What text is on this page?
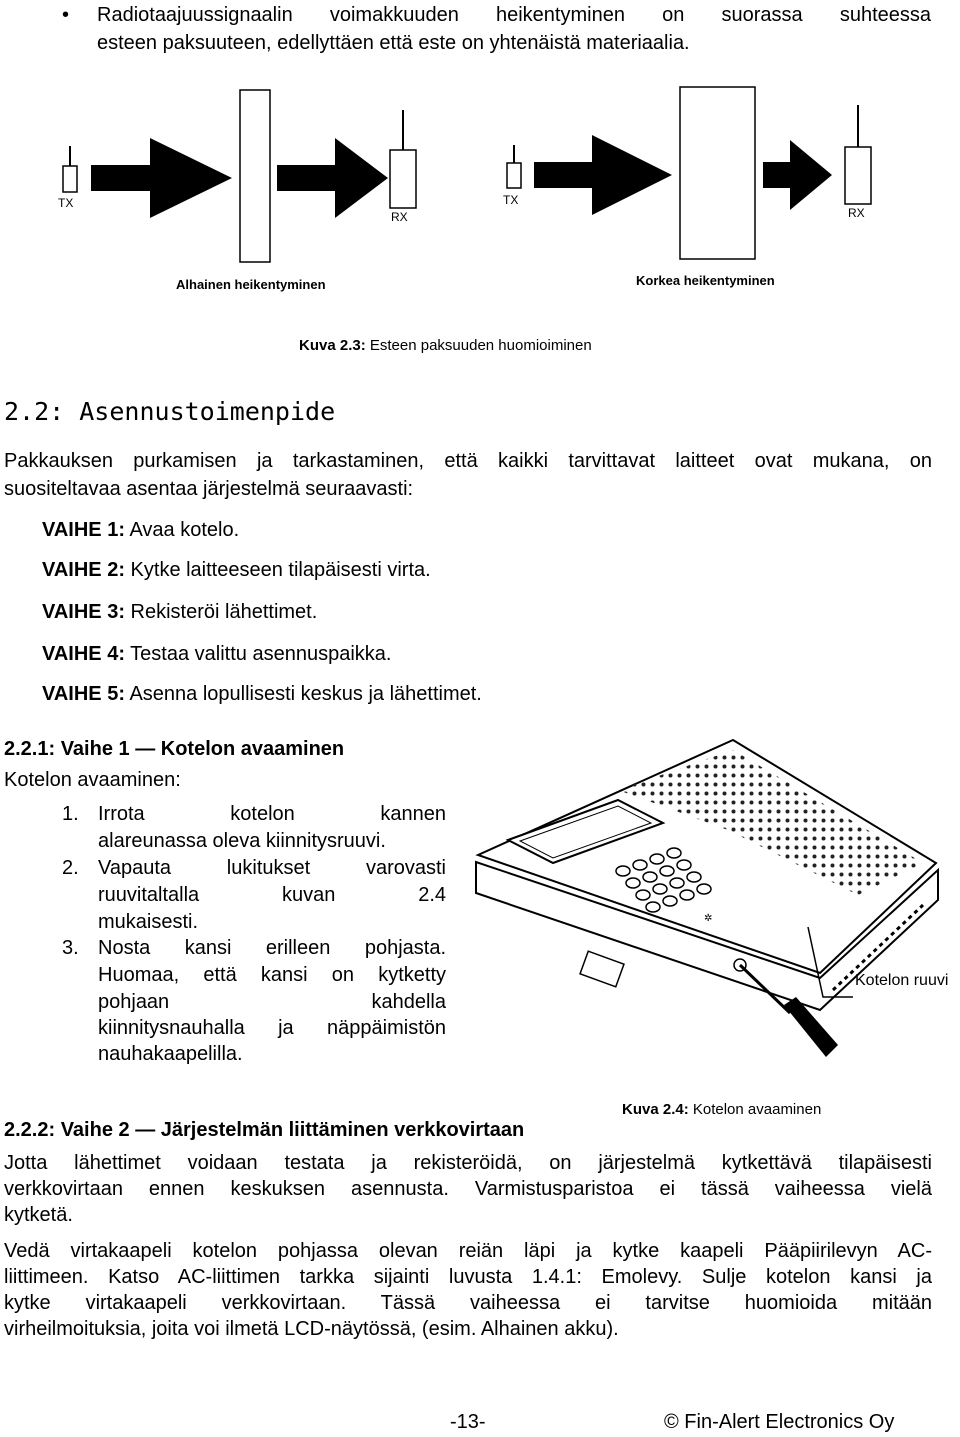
• Radiotaajuussignaalin voimakkuuden heikentyminen on suorassa suhteessa
esteen paksuuteen, edellyttäen että este on yhtenäistä materiaalia.
TX
RX
Alhainen heikentyminen
TX
RX
Korkea heikentyminen
Kuva 2.3: Esteen paksuuden huomioiminen
2.2: Asennustoimenpide
Pakkauksen purkamisen ja tarkastaminen, että kaikki tarvittavat laitteet ovat mukana, on
suositeltavaa asentaa järjestelmä seuraavasti:
VAIHE 1: Avaa kotelo.
VAIHE 2: Kytke laitteeseen tilapäisesti virta.
VAIHE 3: Rekisteröi lähettimet.
VAIHE 4: Testaa valittu asennuspaikka.
VAIHE 5: Asenna lopullisesti keskus ja lähettimet.
2.2.1: Vaihe 1 — Kotelon avaaminen
Kotelon avaaminen:
1. Irrota kotelon kannen
alareunassa oleva kiinnitysruuvi.
2. Vapauta lukitukset varovasti
ruuvitaltalla kuvan 2.4
mukaisesti.
3. Nosta kansi erilleen pohjasta.
Huomaa, että kansi on kytketty
pohjaan kahdella
kiinnitysnauhalla ja näppäimistön
nauhakaapelilla.
✲
Kotelon ruuvi
Kuva 2.4: Kotelon avaaminen
2.2.2: Vaihe 2 — Järjestelmän liittäminen verkkovirtaan
Jotta lähettimet voidaan testata ja rekisteröidä, on järjestelmä kytkettävä tilapäisesti
verkkovirtaan ennen keskuksen asennusta. Varmistusparistoa ei tässä vaiheessa vielä
kytketä.
Vedä virtakaapeli kotelon pohjassa olevan reiän läpi ja kytke kaapeli Pääpiirilevyn AC-
liittimeen. Katso AC-liittimen tarkka sijainti luvusta 1.4.1: Emolevy. Sulje kotelon kansi ja
kytke virtakaapeli verkkovirtaan. Tässä vaiheessa ei tarvitse huomioida mitään
virheilmoituksia, joita voi ilmetä LCD-näytössä, (esim. Alhainen akku).
-13-	© Fin-Alert Electronics Oy
